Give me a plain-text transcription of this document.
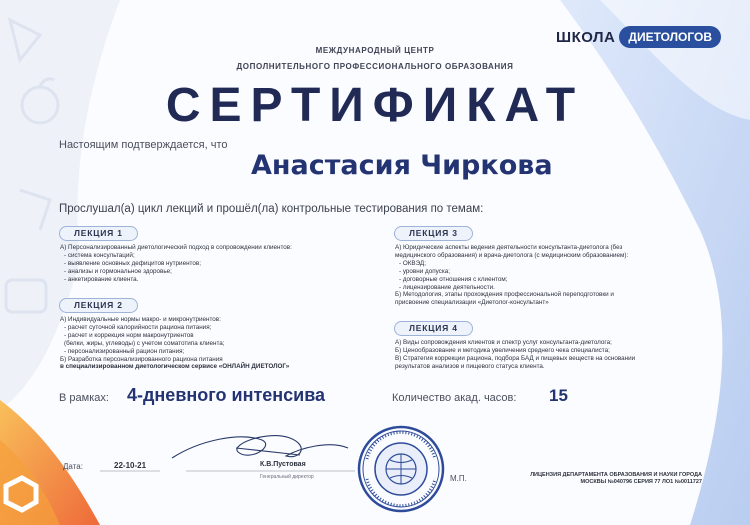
МЕЖДУНАРОДНЫЙ ЦЕНТР
ДОПОЛНИТЕЛЬНОГО ПРОФЕССИОНАЛЬНОГО ОБРАЗОВАНИЯ
СЕРТИФИКАТ
ШКОЛА	ДИЕТОЛОГОВ
Настоящим подтверждается, что
Анастасия Чиркова
Прослушал(а) цикл лекций и прошёл(ла) контрольные тестирования по темам:
ЛЕКЦИЯ 1

А) Персонализированный диетологический подход в сопровождении клиентов:

- система консультаций;

- выявление основных дефицитов нутриентов;

- анализы и гормональное здоровье;

- анкетирование клиента.

ЛЕКЦИЯ 2

А) Индивидуальные нормы макро- и микронутриентов:

- расчет суточной калорийности рациона питания;

- расчет и коррекция норм макронутриентов

(белки, жиры, углеводы) с учетом соматотипа клиента;

- персонализированный рацион питания;

Б) Разработка персонализированного рациона питания

в специализированном диетологическом сервисе «ОНЛАЙН ДИЕТОЛОГ»

ЛЕКЦИЯ 3

А) Юридические аспекты ведения деятельности консультанта-диетолога (без

медицинского образования) и врача-диетолога (с медицинским образованием):

- ОКВЭД;

- уровни допуска;

- договорные отношения с клиентом;

- лицензирование деятельности.

Б) Методология, этапы прохождения профессиональной переподготовки и

присвоение специализации «Диетолог-консультант»

ЛЕКЦИЯ 4

А) Виды сопровождения клиентов и спектр услуг консультанта-диетолога;

Б) Ценообразование и методика увеличения среднего чека специалиста;

В) Стратегия коррекции рациона, подбора БАД и пищевых веществ на основании

результатов анализов и пищевого статуса клиента.

В рамках: 4-дневного интенсива	Количество акад. часов: 15
Дата:	22-10-21	К.В.Пустовая
Генеральный директор	М.П.	ЛИЦЕНЗИЯ ДЕПАРТАМЕНТА ОБРАЗОВАНИЯ И НАУКИ ГОРОДА
МОСКВЫ №040796 СЕРИЯ 77 ЛО1 №0011727
